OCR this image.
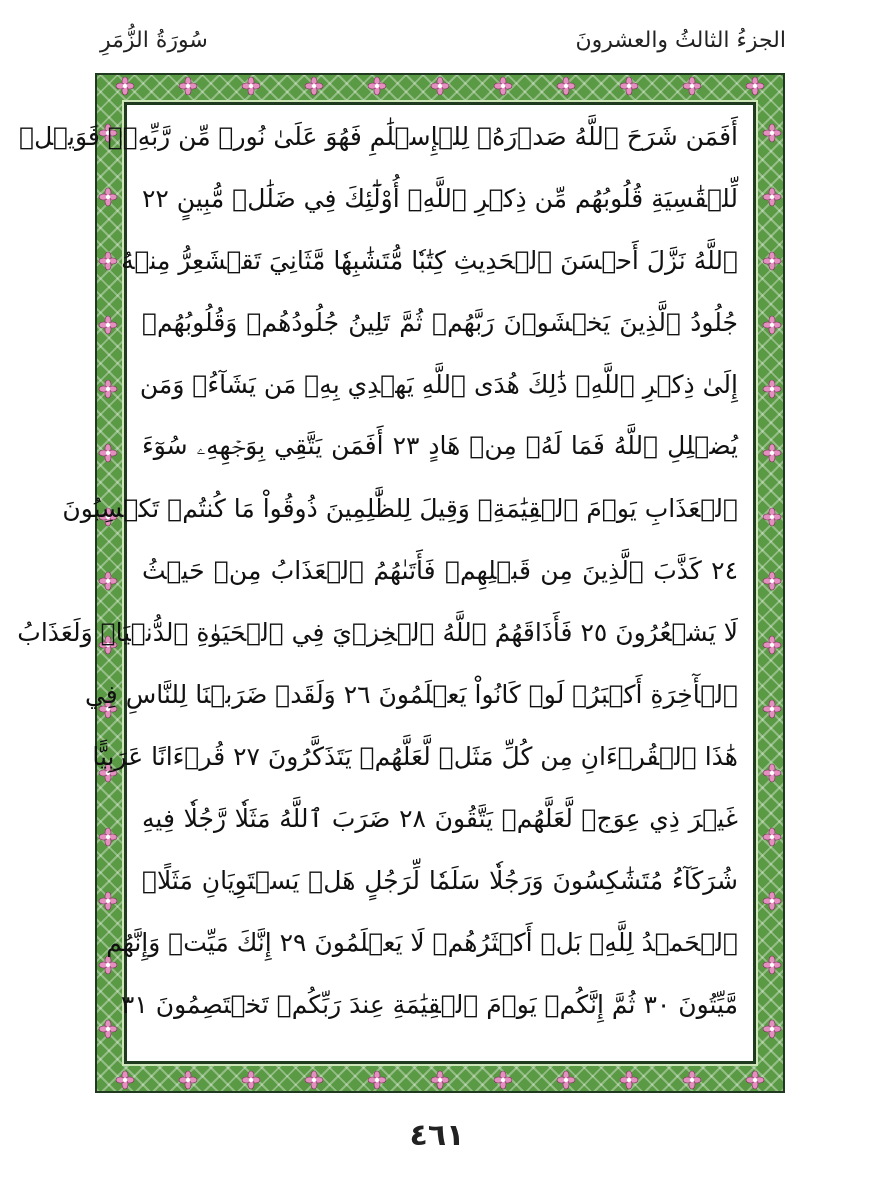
الجزءُ الثالثُ والعشرونَ
سُورَةُ الزُّمَرِ
أَفَمَن شَرَحَ ٱللَّهُ صَدۡرَهُۥ لِلۡإِسۡلَٰمِ فَهُوَ عَلَىٰ نُورٖ مِّن رَّبِّهِۦۚ فَوَيۡلٞ
لِّلۡقَٰسِيَةِ قُلُوبُهُم مِّن ذِكۡرِ ٱللَّهِۚ أُوْلَٰٓئِكَ فِي ضَلَٰلٖ مُّبِينٍ ٢٢
ٱللَّهُ نَزَّلَ أَحۡسَنَ ٱلۡحَدِيثِ كِتَٰبٗا مُّتَشَٰبِهٗا مَّثَانِيَ تَقۡشَعِرُّ مِنۡهُ
جُلُودُ ٱلَّذِينَ يَخۡشَوۡنَ رَبَّهُمۡ ثُمَّ تَلِينُ جُلُودُهُمۡ وَقُلُوبُهُمۡ
إِلَىٰ ذِكۡرِ ٱللَّهِۚ ذَٰلِكَ هُدَى ٱللَّهِ يَهۡدِي بِهِۦ مَن يَشَآءُۚ وَمَن
يُضۡلِلِ ٱللَّهُ فَمَا لَهُۥ مِنۡ هَادٍ ٢٣ أَفَمَن يَتَّقِي بِوَجۡهِهِۦ سُوٓءَ
ٱلۡعَذَابِ يَوۡمَ ٱلۡقِيَٰمَةِۚ وَقِيلَ لِلظَّٰلِمِينَ ذُوقُواْ مَا كُنتُمۡ تَكۡسِبُونَ
٢٤ كَذَّبَ ٱلَّذِينَ مِن قَبۡلِهِمۡ فَأَتَىٰهُمُ ٱلۡعَذَابُ مِنۡ حَيۡثُ
لَا يَشۡعُرُونَ ٢٥ فَأَذَاقَهُمُ ٱللَّهُ ٱلۡخِزۡيَ فِي ٱلۡحَيَوٰةِ ٱلدُّنۡيَاۖ وَلَعَذَابُ
ٱلۡأٓخِرَةِ أَكۡبَرُۚ لَوۡ كَانُواْ يَعۡلَمُونَ ٢٦ وَلَقَدۡ ضَرَبۡنَا لِلنَّاسِ فِي
هَٰذَا ٱلۡقُرۡءَانِ مِن كُلِّ مَثَلٖ لَّعَلَّهُمۡ يَتَذَكَّرُونَ ٢٧ قُرۡءَانًا عَرَبِيًّا
غَيۡرَ ذِي عِوَجٖ لَّعَلَّهُمۡ يَتَّقُونَ ٢٨ ضَرَبَ ٱللَّهُ مَثَلٗا رَّجُلٗا فِيهِ
شُرَكَآءُ مُتَشَٰكِسُونَ وَرَجُلٗا سَلَمٗا لِّرَجُلٍ هَلۡ يَسۡتَوِيَانِ مَثَلًاۚ
ٱلۡحَمۡدُ لِلَّهِۚ بَلۡ أَكۡثَرُهُمۡ لَا يَعۡلَمُونَ ٢٩ إِنَّكَ مَيِّتٞ وَإِنَّهُم
مَّيِّتُونَ ٣٠ ثُمَّ إِنَّكُمۡ يَوۡمَ ٱلۡقِيَٰمَةِ عِندَ رَبِّكُمۡ تَخۡتَصِمُونَ ٣١
٤٦١
